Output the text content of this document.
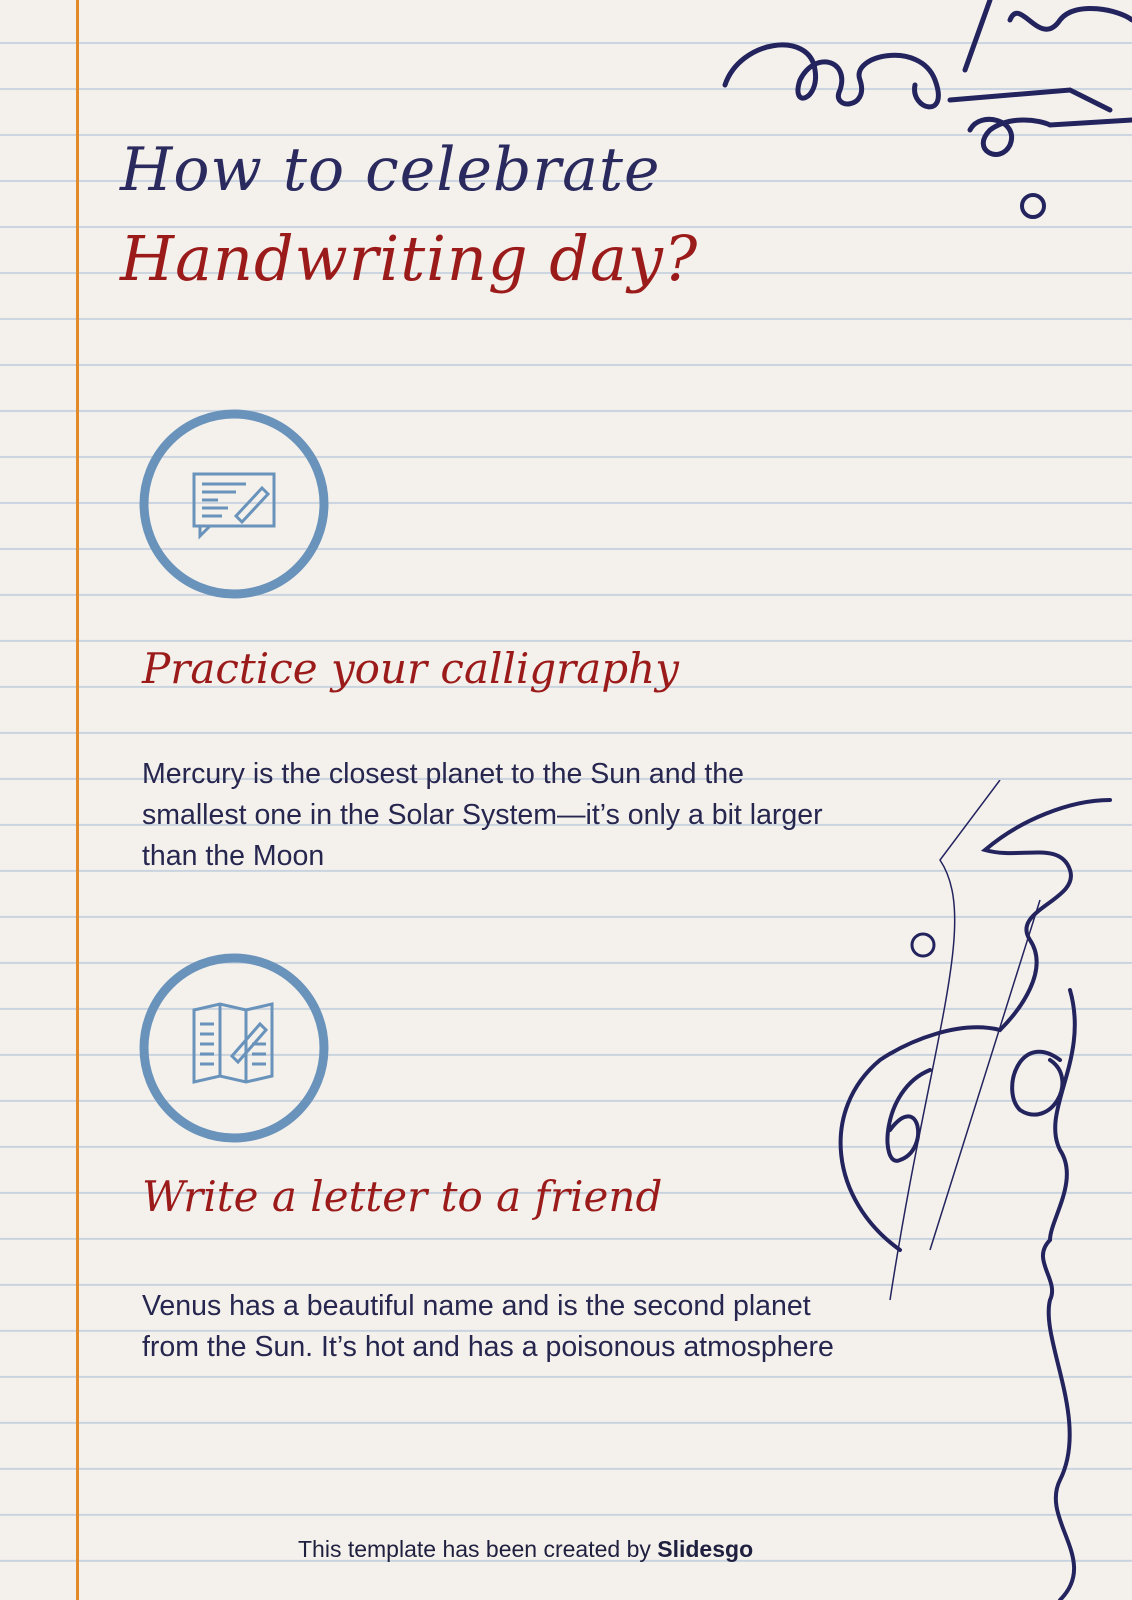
How to celebrate
Handwriting day?
Practice your calligraphy
Mercury is the closest planet to the Sun and the smallest one in the Solar System—it’s only a bit larger than the Moon
Write a letter to a friend
Venus has a beautiful name and is the second planet from the Sun. It’s hot and has a poisonous atmosphere
This template has been created by Slidesgo
